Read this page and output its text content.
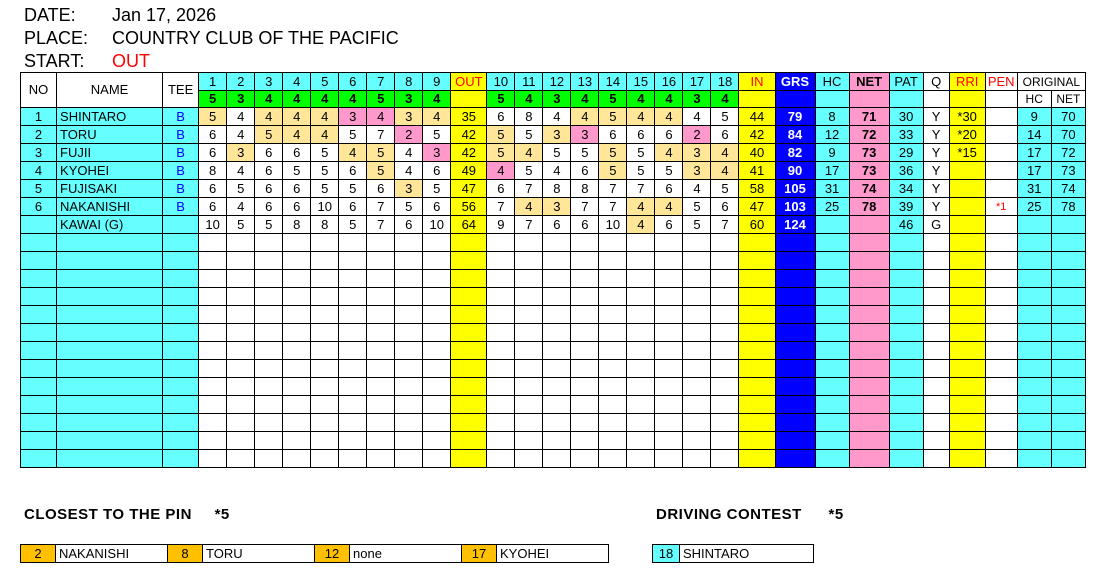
DATE: Jan 17, 2026
PLACE: COUNTRY CLUB OF THE PACIFIC
START: OUT
NO	NAME	TEE	1	2	3	4	5	6	7	8	9	OUT	10	11	12	13	14	15	16	17	18	IN	GRS	HC	NET	PAT	Q	RRI	PEN	ORIGINAL	
			5	3	4	4	4	4	5	3	4		5	4	3	4	5	4	4	3	4									HC	NET
1	SHINTARO	B	5	4	4	4	4	3	4	3	4	35	6	8	4	4	5	4	4	4	5	44	79	8	71	30	Y	*30		9	70
2	TORU	B	6	4	5	4	4	5	7	2	5	42	5	5	3	3	6	6	6	2	6	42	84	12	72	33	Y	*20		14	70
3	FUJII	B	6	3	6	6	5	4	5	4	3	42	5	4	5	5	5	5	4	3	4	40	82	9	73	29	Y	*15		17	72
4	KYOHEI	B	8	4	6	5	5	6	5	4	6	49	4	5	4	6	5	5	5	3	4	41	90	17	73	36	Y			17	73
5	FUJISAKI	B	6	5	6	6	5	5	6	3	5	47	6	7	8	8	7	7	6	4	5	58	105	31	74	34	Y			31	74
6	NAKANISHI	B	6	4	6	6	10	6	7	5	6	56	7	4	3	7	7	4	4	5	6	47	103	25	78	39	Y		*1	25	78
	KAWAI (G)		10	5	5	8	8	5	7	6	10	64	9	7	6	6	10	4	6	5	7	60	124			46	G				

CLOSEST TO THE PIN *5	DRIVING CONTEST *5
2	NAKANISHI	8	TORU	12	none	17	KYOHEI	18	SHINTARO
